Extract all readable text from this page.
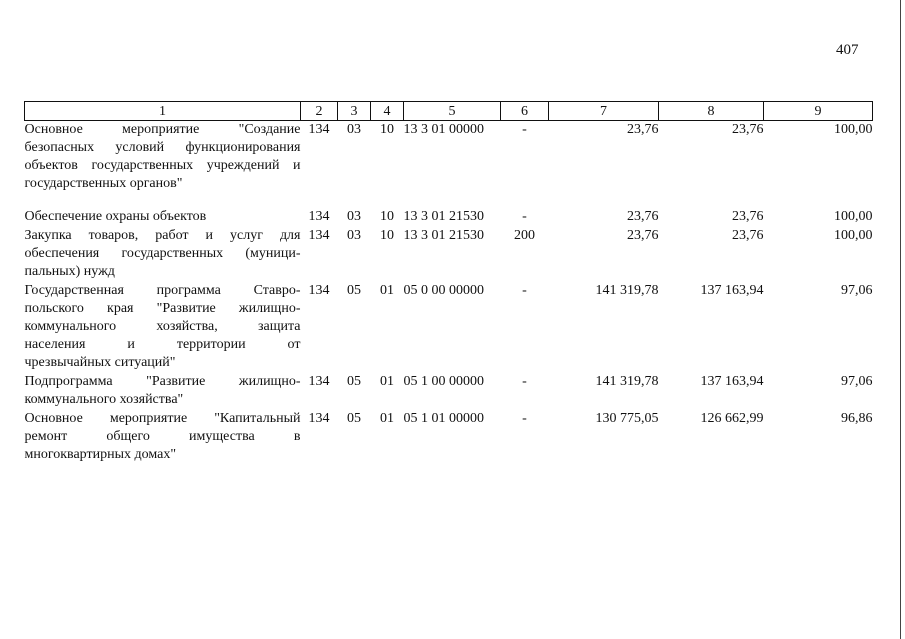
407
1	2	3	4	5	6	7	8	9

Основное мероприятие "Создание
безопасных условий функционирования
объектов государственных учреждений и
государственных органов"	134	03	10	13 3 01 00000	-	23,76	23,76	100,00

Обеспечение охраны объектов	134	03	10	13 3 01 21530	-	23,76	23,76	100,00

Закупка товаров, работ и услуг для
обеспечения государственных (муници-
пальных) нужд	134	03	10	13 3 01 21530	200	23,76	23,76	100,00

Государственная программа Ставро-
польского края "Развитие жилищно-
коммунального хозяйства, защита
населения и территории от
чрезвычайных ситуаций"	134	05	01	05 0 00 00000	-	141 319,78	137 163,94	97,06

Подпрограмма "Развитие жилищно-
коммунального хозяйства"	134	05	01	05 1 00 00000	-	141 319,78	137 163,94	97,06

Основное мероприятие "Капитальный
ремонт общего имущества в
многоквартирных домах"	134	05	01	05 1 01 00000	-	130 775,05	126 662,99	96,86
